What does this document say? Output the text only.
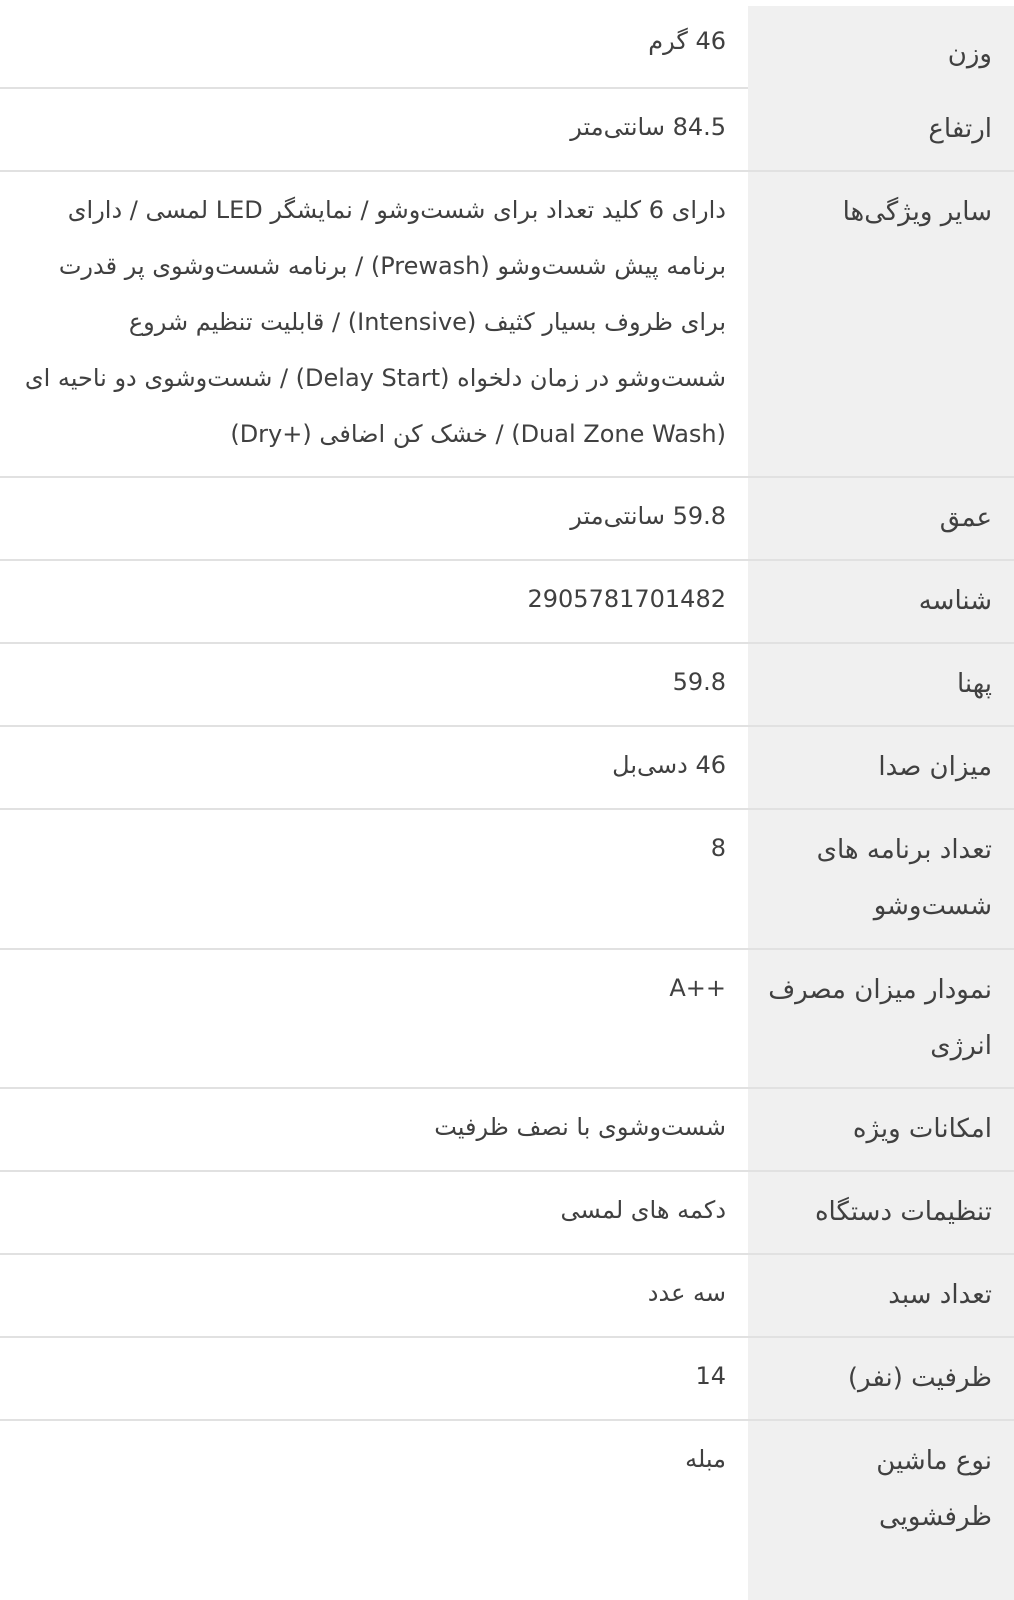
وزن
46 گرم
ارتفاع
84.5 سانتی‌متر
سایر ویژگی‌ها
دارای 6 کلید تعداد برای شست‌وشو / نمایشگر LED لمسی / دارای برنامه پیش شست‌وشو (Prewash) / برنامه شست‌وشوی پر قدرت برای ظروف بسیار کثیف (Intensive) / قابلیت تنظیم شروع شست‌وشو در زمان دلخواه (Delay Start) / شست‌وشوی دو ناحیه ای (Dual Zone Wash) / خشک کن اضافی (+Dry)
عمق
59.8 سانتی‌متر
شناسه
2905781701482
پهنا
59.8
میزان صدا
46 دسی‌بل
تعداد برنامه های شست‌وشو
8
نمودار میزان مصرف انرژی
++A
امکانات ویژه
شست‌وشوی با نصف ظرفیت
تنظیمات دستگاه
دکمه های لمسی
تعداد سبد
سه عدد
ظرفیت (نفر)
14
نوع ماشین ظرفشویی
مبله
